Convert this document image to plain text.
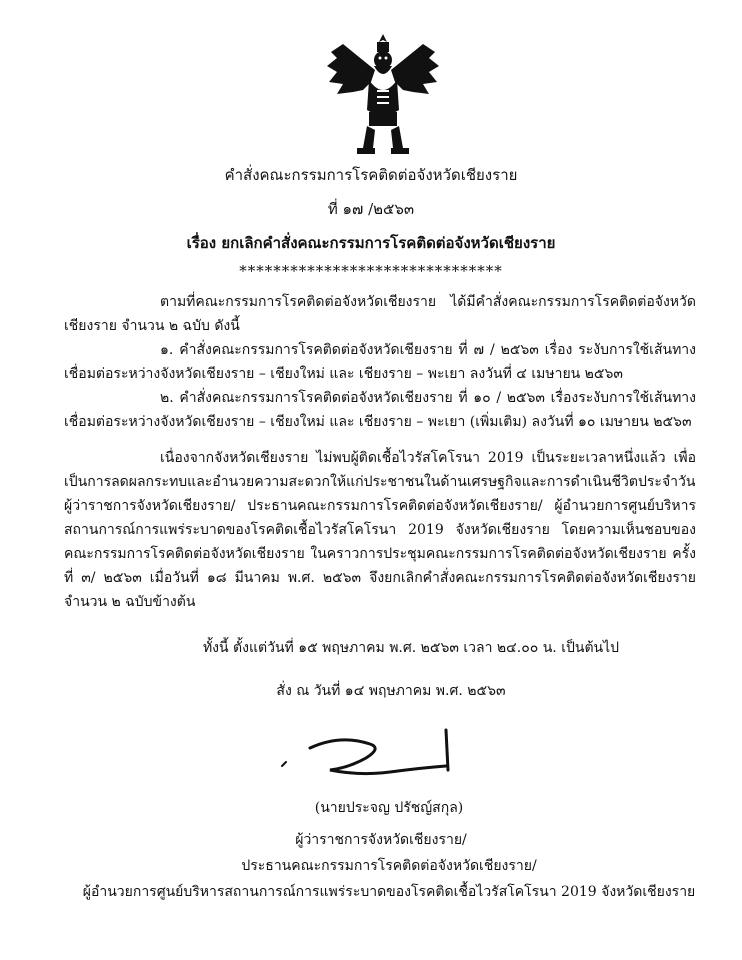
คำสั่งคณะกรรมการโรคติดต่อจังหวัดเชียงราย
ที่ ๑๗ /๒๕๖๓
เรื่อง ยกเลิกคำสั่งคณะกรรมการโรคติดต่อจังหวัดเชียงราย
*******************************

ตามที่คณะกรรมการโรคติดต่อจังหวัดเชียงราย ได้มีคำสั่งคณะกรรมการโรคติดต่อจังหวัดเชียงราย จำนวน ๒ ฉบับ ดังนี้

๑. คำสั่งคณะกรรมการโรคติดต่อจังหวัดเชียงราย ที่ ๗ / ๒๕๖๓ เรื่อง ระงับการใช้เส้นทางเชื่อมต่อระหว่างจังหวัดเชียงราย – เชียงใหม่ และ เชียงราย – พะเยา ลงวันที่ ๔ เมษายน ๒๕๖๓

๒. คำสั่งคณะกรรมการโรคติดต่อจังหวัดเชียงราย ที่ ๑๐ / ๒๕๖๓ เรื่องระงับการใช้เส้นทางเชื่อมต่อระหว่างจังหวัดเชียงราย – เชียงใหม่ และ เชียงราย – พะเยา (เพิ่มเติม) ลงวันที่ ๑๐ เมษายน ๒๕๖๓

เนื่องจากจังหวัดเชียงราย ไม่พบผู้ติดเชื้อไวรัสโคโรนา 2019 เป็นระยะเวลาหนึ่งแล้ว เพื่อเป็นการลดผลกระทบและอำนวยความสะดวกให้แก่ประชาชนในด้านเศรษฐกิจและการดำเนินชีวิตประจำวัน ผู้ว่าราชการจังหวัดเชียงราย/ ประธานคณะกรรมการโรคติดต่อจังหวัดเชียงราย/ ผู้อำนวยการศูนย์บริหารสถานการณ์การแพร่ระบาดของโรคติดเชื้อไวรัสโคโรนา 2019 จังหวัดเชียงราย โดยความเห็นชอบของคณะกรรมการโรคติดต่อจังหวัดเชียงราย ในคราวการประชุมคณะกรรมการโรคติดต่อจังหวัดเชียงราย ครั้งที่ ๓/ ๒๕๖๓ เมื่อวันที่ ๑๘ มีนาคม พ.ศ. ๒๕๖๓ จึงยกเลิกคำสั่งคณะกรรมการโรคติดต่อจังหวัดเชียงราย จำนวน ๒ ฉบับข้างต้น

ทั้งนี้ ตั้งแต่วันที่ ๑๕ พฤษภาคม พ.ศ. ๒๕๖๓ เวลา ๒๔.๐๐ น. เป็นต้นไป
สั่ง ณ วันที่ ๑๔ พฤษภาคม พ.ศ. ๒๕๖๓
(นายประจญ ปรัชญ์สกุล)
ผู้ว่าราชการจังหวัดเชียงราย/
ประธานคณะกรรมการโรคติดต่อจังหวัดเชียงราย/
ผู้อำนวยการศูนย์บริหารสถานการณ์การแพร่ระบาดของโรคติดเชื้อไวรัสโคโรนา 2019 จังหวัดเชียงราย
